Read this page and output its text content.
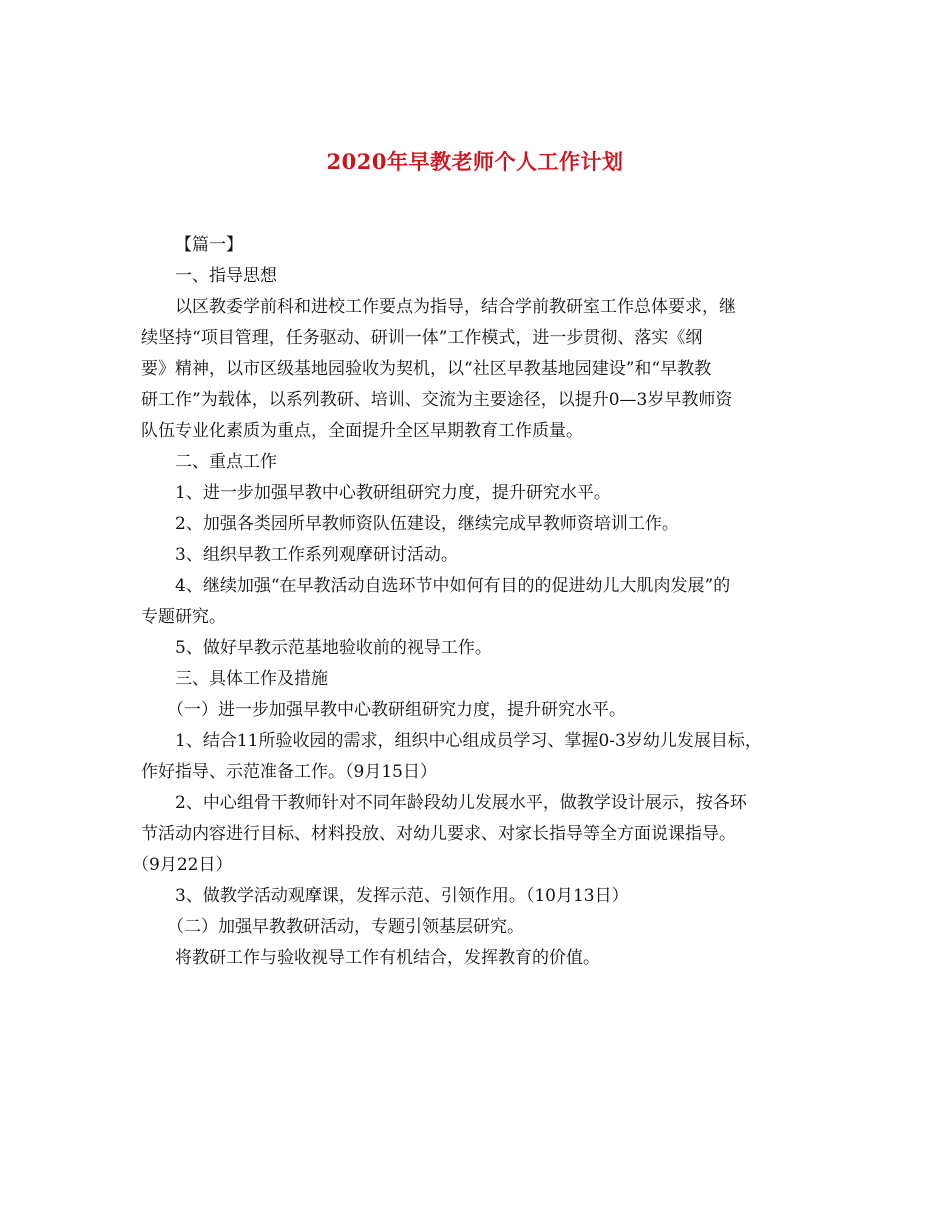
2020年早教老师个人工作计划

【篇一】

一、指导思想

以区教委学前科和进校工作要点为指导，结合学前教研室工作总体要求，继

续坚持“项目管理，任务驱动、研训一体”工作模式，进一步贯彻、落实《纲

要》精神，以市区级基地园验收为契机，以“社区早教基地园建设”和“早教教

研工作”为载体，以系列教研、培训、交流为主要途径，以提升0—3岁早教师资

队伍专业化素质为重点，全面提升全区早期教育工作质量。

二、重点工作

1、进一步加强早教中心教研组研究力度，提升研究水平。

2、加强各类园所早教师资队伍建设，继续完成早教师资培训工作。

3、组织早教工作系列观摩研讨活动。

4、继续加强“在早教活动自选环节中如何有目的的促进幼儿大肌肉发展”的

专题研究。

5、做好早教示范基地验收前的视导工作。

三、具体工作及措施

（一）进一步加强早教中心教研组研究力度，提升研究水平。

1、结合11所验收园的需求，组织中心组成员学习、掌握0-3岁幼儿发展目标，

作好指导、示范准备工作。（9月15日）

2、中心组骨干教师针对不同年龄段幼儿发展水平，做教学设计展示，按各环

节活动内容进行目标、材料投放、对幼儿要求、对家长指导等全方面说课指导。

（9月22日）

3、做教学活动观摩课，发挥示范、引领作用。（10月13日）

（二）加强早教教研活动，专题引领基层研究。

将教研工作与验收视导工作有机结合，发挥教育的价值。
